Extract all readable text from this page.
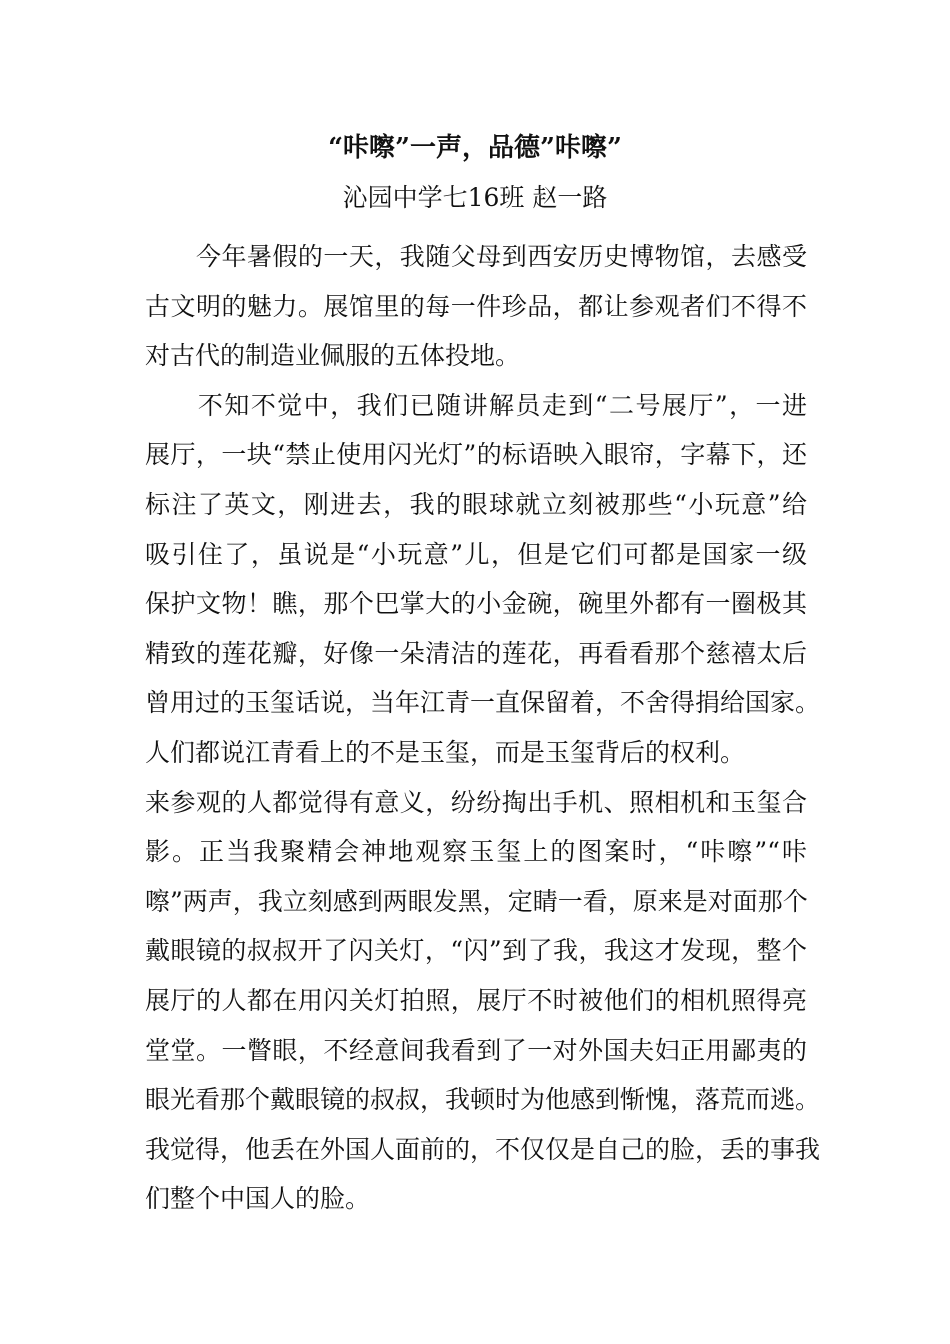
“咔嚓”一声，品德”咔嚓”
沁园中学七16班 赵一路
　　今年暑假的一天，我随父母到西安历史博物馆，去感受
古文明的魅力。展馆里的每一件珍品，都让参观者们不得不
对古代的制造业佩服的五体投地。
　　不知不觉中，我们已随讲解员走到“二号展厅”，一进
展厅，一块“禁止使用闪光灯”的标语映入眼帘，字幕下，还
标注了英文，刚进去，我的眼球就立刻被那些“小玩意”给
吸引住了，虽说是“小玩意”儿，但是它们可都是国家一级
保护文物！瞧，那个巴掌大的小金碗，碗里外都有一圈极其
精致的莲花瓣，好像一朵清洁的莲花，再看看那个慈禧太后
曾用过的玉玺话说，当年江青一直保留着，不舍得捐给国家。
人们都说江青看上的不是玉玺，而是玉玺背后的权利。
来参观的人都觉得有意义，纷纷掏出手机、照相机和玉玺合
影。正当我聚精会神地观察玉玺上的图案时，“咔嚓”“咔
嚓”两声，我立刻感到两眼发黑，定睛一看，原来是对面那个
戴眼镜的叔叔开了闪关灯，“闪”到了我，我这才发现，整个
展厅的人都在用闪关灯拍照，展厅不时被他们的相机照得亮
堂堂。一瞥眼，不经意间我看到了一对外国夫妇正用鄙夷的
眼光看那个戴眼镜的叔叔，我顿时为他感到惭愧，落荒而逃。
我觉得，他丢在外国人面前的，不仅仅是自己的脸，丢的事我
们整个中国人的脸。
